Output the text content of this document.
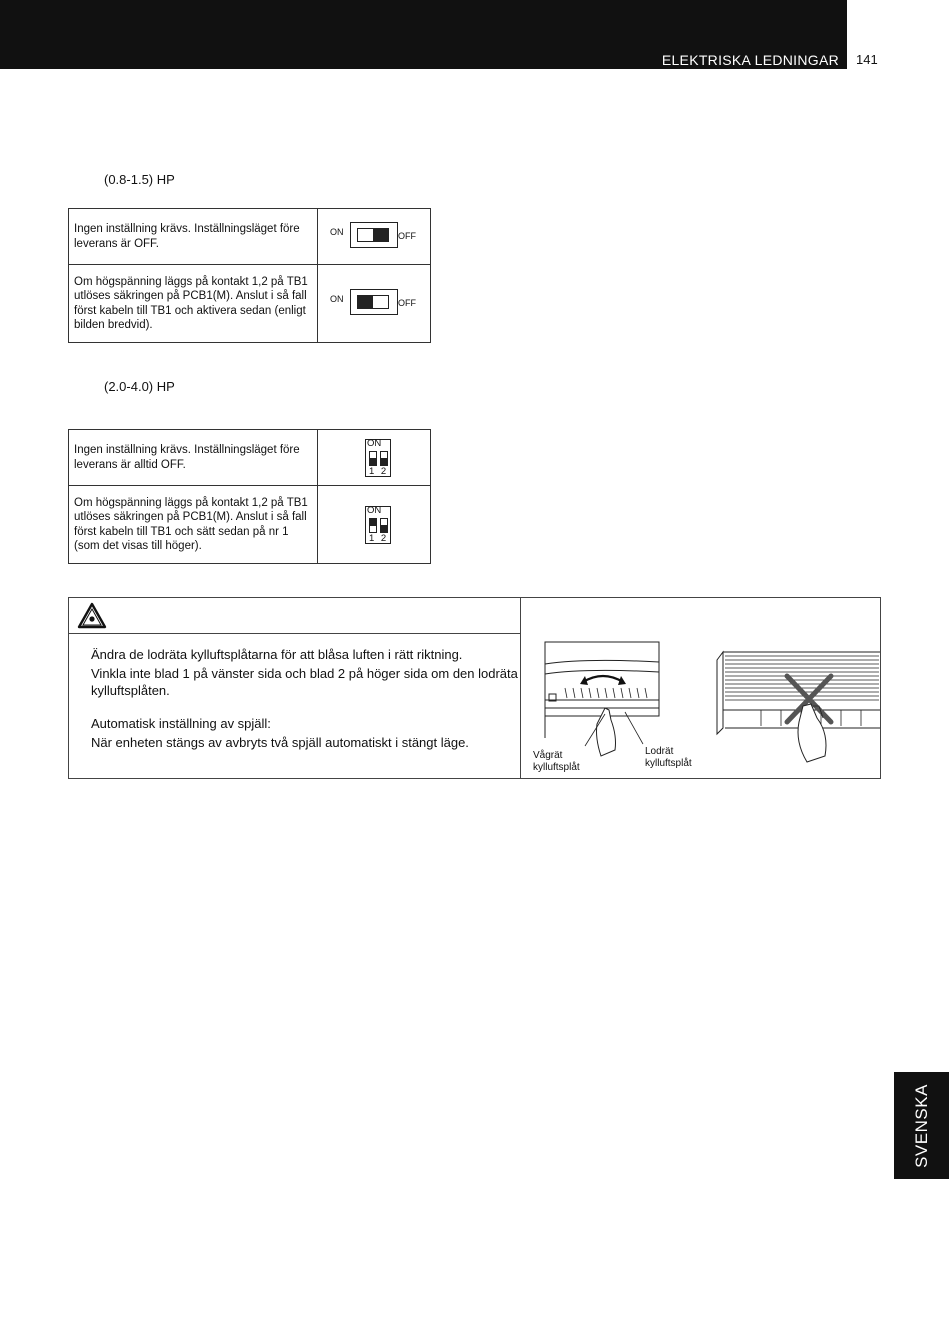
ELEKTRISKA LEDNINGAR 141
(0.8-1.5) HP
Ingen inställning krävs. Inställningsläget före leverans är OFF.	ON OFF

Om högspänning läggs på kontakt 1,2 på TB1 utlöses säkringen på PCB1(M). Anslut i så fall först kabeln till TB1 och aktivera sedan (enligt bilden bredvid).	ON OFF
(2.0-4.0) HP
Ingen inställning krävs. Inställningsläget före leverans är alltid OFF.	ON
1 2

Om högspänning läggs på kontakt 1,2 på TB1 utlöses säkringen på PCB1(M). Anslut i så fall först kabeln till TB1 och sätt sedan på nr 1 (som det visas till höger).	ON
1 2

Ändra de lodräta kylluftsplåtarna för att blåsa luften i rätt riktning.

Vinkla inte blad 1 på vänster sida och blad 2 på höger sida om den lodräta kylluftsplåten.

Automatisk inställning av spjäll:

När enheten stängs av avbryts två spjäll automatiskt i stängt läge.

Vågrät kylluftsplåt
Lodrät kylluftsplåt
SVENSKA
